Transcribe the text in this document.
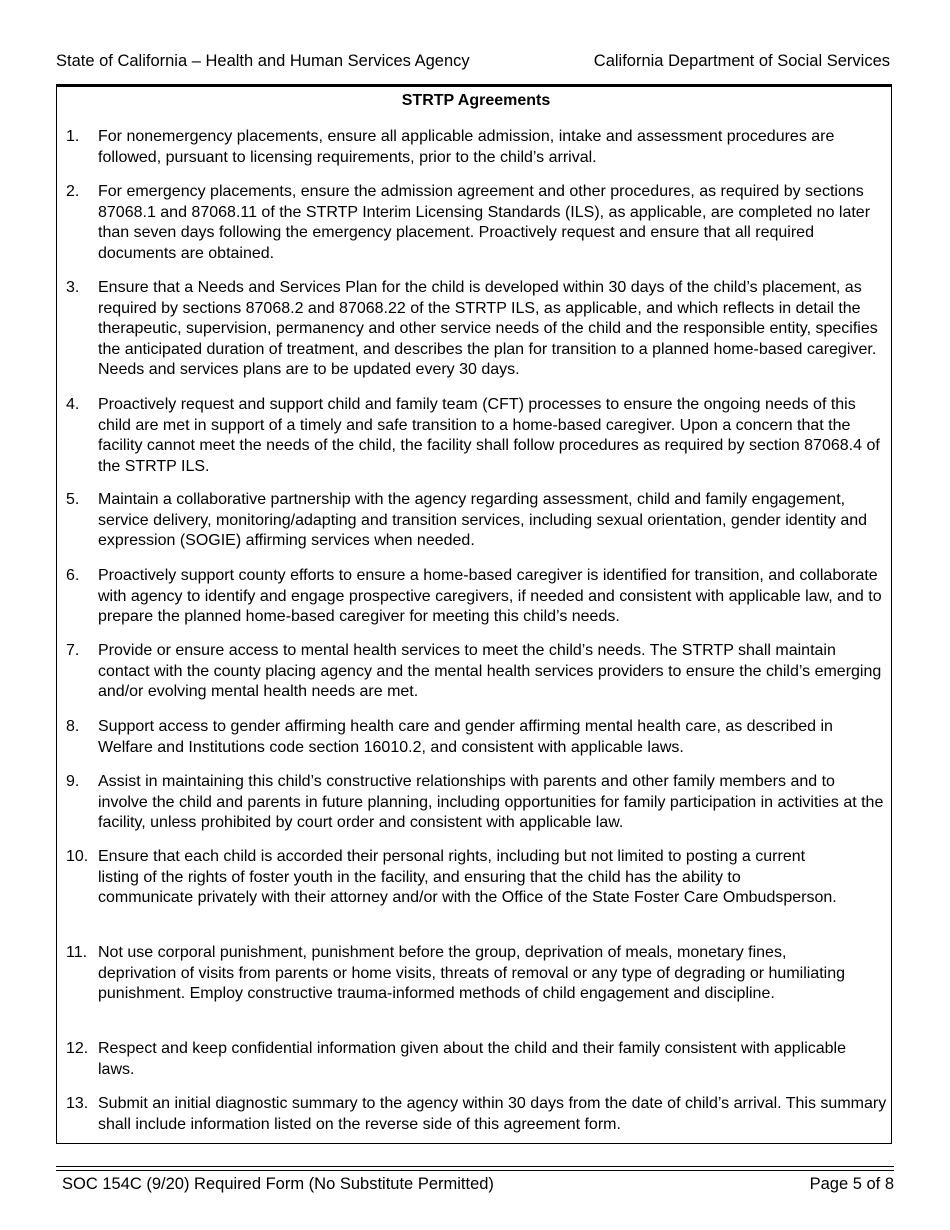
State of California – Health and Human Services Agency	California Department of Social Services
STRTP Agreements
1.	For nonemergency placements, ensure all applicable admission, intake and assessment procedures are followed, pursuant to licensing requirements, prior to the child’s arrival.
2.	For emergency placements, ensure the admission agreement and other procedures, as required by sections 87068.1 and 87068.11 of the STRTP Interim Licensing Standards (ILS), as applicable, are completed no later than seven days following the emergency placement. Proactively request and ensure that all required documents are obtained.
3.	Ensure that a Needs and Services Plan for the child is developed within 30 days of the child’s placement, as required by sections 87068.2 and 87068.22 of the STRTP ILS, as applicable, and which reflects in detail the therapeutic, supervision, permanency and other service needs of the child and the responsible entity, specifies the anticipated duration of treatment, and describes the plan for transition to a planned home-based caregiver. Needs and services plans are to be updated every 30 days.
4.	Proactively request and support child and family team (CFT) processes to ensure the ongoing needs of this child are met in support of a timely and safe transition to a home-based caregiver. Upon a concern that the facility cannot meet the needs of the child, the facility shall follow procedures as required by section 87068.4 of the STRTP ILS.
5.	Maintain a collaborative partnership with the agency regarding assessment, child and family engagement, service delivery, monitoring/adapting and transition services, including sexual orientation, gender identity and expression (SOGIE) affirming services when needed.
6.	Proactively support county efforts to ensure a home-based caregiver is identified for transition, and collaborate with agency to identify and engage prospective caregivers, if needed and consistent with applicable law, and to prepare the planned home-based caregiver for meeting this child’s needs.
7.	Provide or ensure access to mental health services to meet the child’s needs. The STRTP shall maintain contact with the county placing agency and the mental health services providers to ensure the child’s emerging and/or evolving mental health needs are met.
8.	Support access to gender affirming health care and gender affirming mental health care, as described in Welfare and Institutions code section 16010.2, and consistent with applicable laws.
9.	Assist in maintaining this child’s constructive relationships with parents and other family members and to involve the child and parents in future planning, including opportunities for family participation in activities at the facility, unless prohibited by court order and consistent with applicable law.
10. Ensure that each child is accorded their personal rights, including but not limited to posting a current listing of the rights of foster youth in the facility, and ensuring that the child has the ability to communicate privately with their attorney and/or with the Office of the State Foster Care Ombudsperson.
11. Not use corporal punishment, punishment before the group, deprivation of meals, monetary fines, deprivation of visits from parents or home visits, threats of removal or any type of degrading or humiliating punishment. Employ constructive trauma-informed methods of child engagement and discipline.
12. Respect and keep confidential information given about the child and their family consistent with applicable laws.
13. Submit an initial diagnostic summary to the agency within 30 days from the date of child’s arrival. This summary shall include information listed on the reverse side of this agreement form.
SOC 154C (9/20) Required Form (No Substitute Permitted)	Page 5 of 8
